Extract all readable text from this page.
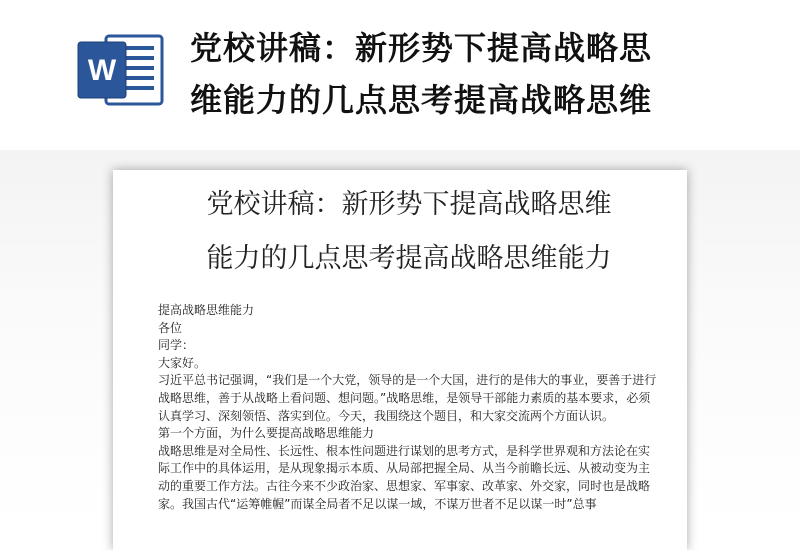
W
党校讲稿：新形势下提高战略思
维能力的几点思考提高战略思维
党校讲稿：新形势下提高战略思维
能力的几点思考提高战略思维能力

提高战略思维能力

各位

同学：

大家好。

习近平总书记强调，“我们是一个大党，领导的是一个大国，进行的是伟大的事业，要善于进行战略思维，善于从战略上看问题、想问题。”战略思维，是领导干部能力素质的基本要求，必须认真学习、深刻领悟、落实到位。今天，我围绕这个题目，和大家交流两个方面认识。

第一个方面，为什么要提高战略思维能力

战略思维是对全局性、长远性、根本性问题进行谋划的思考方式，是科学世界观和方法论在实际工作中的具体运用，是从现象揭示本质、从局部把握全局、从当今前瞻长远、从被动变为主动的重要工作方法。古往今来不少政治家、思想家、军事家、改革家、外交家，同时也是战略家。我国古代“运筹帷幄”而谋全局者不足以谋一域，不谋万世者不足以谋一时”总事
